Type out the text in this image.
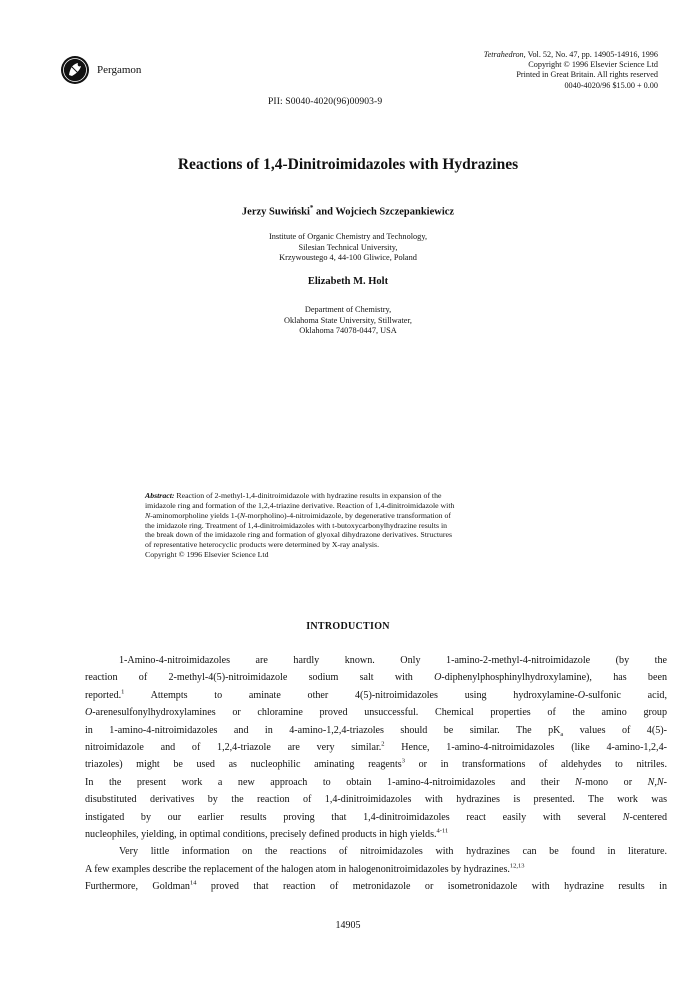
Pergamon
Tetrahedron, Vol. 52, No. 47, pp. 14905-14916, 1996
Copyright © 1996 Elsevier Science Ltd
Printed in Great Britain. All rights reserved
0040-4020/96 $15.00 + 0.00
PII: S0040-4020(96)00903-9
Reactions of 1,4-Dinitroimidazoles with Hydrazines
Jerzy Suwiński* and Wojciech Szczepankiewicz
Institute of Organic Chemistry and Technology,
Silesian Technical University,
Krzywoustego 4, 44-100 Gliwice, Poland
Elizabeth M. Holt
Department of Chemistry,
Oklahoma State University, Stillwater,
Oklahoma 74078-0447, USA
Abstract: Reaction of 2-methyl-1,4-dinitroimidazole with hydrazine results in expansion of the
imidazole ring and formation of the 1,2,4-triazine derivative. Reaction of 1,4-dinitroimidazole with
N-aminomorpholine yields 1-(N-morpholino)-4-nitroimidazole, by degenerative transformation of
the imidazole ring. Treatment of 1,4-dinitroimidazoles with t-butoxycarbonylhydrazine results in
the break down of the imidazole ring and formation of glyoxal dihydrazone derivatives. Structures
of representative heterocyclic products were determined by X-ray analysis.
Copyright © 1996 Elsevier Science Ltd
INTRODUCTION
1-Amino-4-nitroimidazoles are hardly known. Only 1-amino-2-methyl-4-nitroimidazole (by the
reaction of 2-methyl-4(5)-nitroimidazole sodium salt with O-diphenylphosphinylhydroxylamine), has been
reported.$^1$ Attempts to aminate other 4(5)-nitroimidazoles using hydroxylamine-O-sulfonic acid,
O-arenesulfonylhydroxylamines or chloramine proved unsuccessful. Chemical properties of the amino group
in 1-amino-4-nitroimidazoles and in 4-amino-1,2,4-triazoles should be similar. The $pK_a$ values of 4(5)-
nitroimidazole and of 1,2,4-triazole are very similar.$^2$ Hence, 1-amino-4-nitroimidazoles (like 4-amino-1,2,4-
triazoles) might be used as nucleophilic aminating reagents$^3$ or in transformations of aldehydes to nitriles.
In the present work a new approach to obtain 1-amino-4-nitroimidazoles and their N-mono or N,N-
disubstituted derivatives by the reaction of 1,4-dinitroimidazoles with hydrazines is presented. The work was
instigated by our earlier results proving that 1,4-dinitroimidazoles react easily with several N-centered
nucleophiles, yielding, in optimal conditions, precisely defined products in high yields.$^{4-11}$
Very little information on the reactions of nitroimidazoles with hydrazines can be found in literature.
A few examples describe the replacement of the halogen atom in halogenonitroimidazoles by hydrazines.$^{12,13}$
Furthermore, Goldman$^{14}$ proved that reaction of metronidazole or isometronidazole with hydrazine results in
14905
